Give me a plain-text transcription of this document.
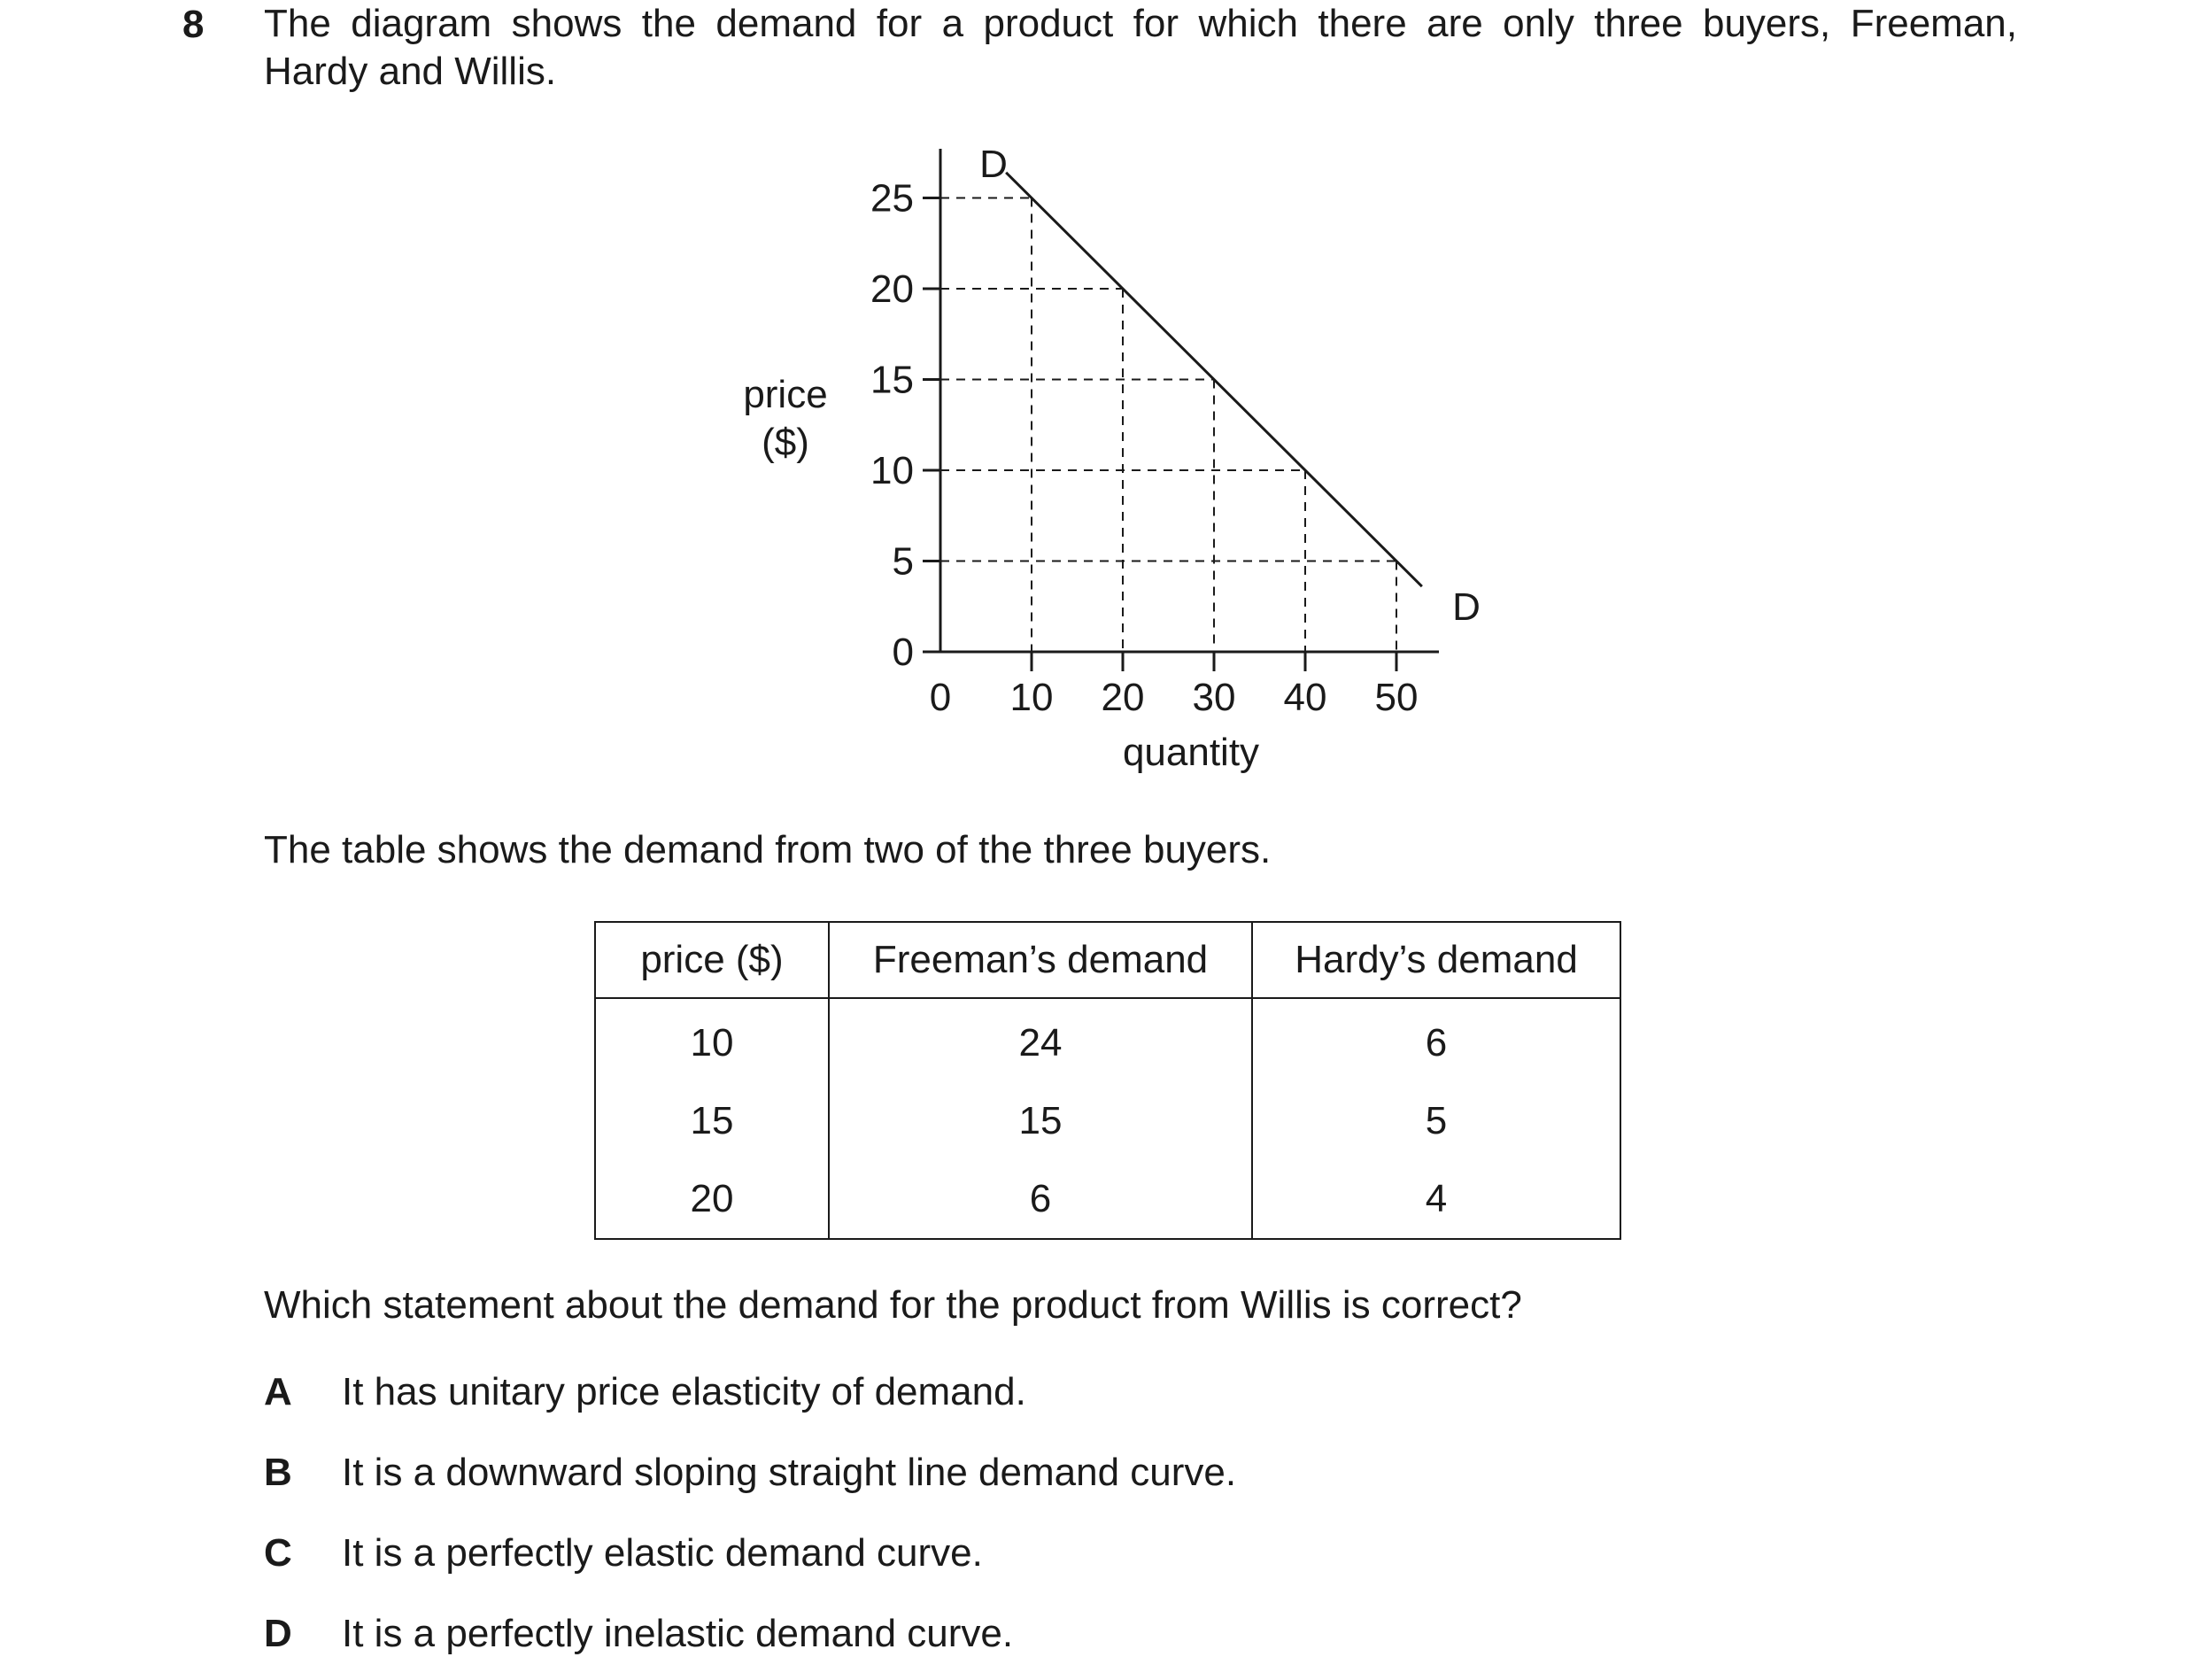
8 The diagram shows the demand for a product for which there are only three buyers, Freeman,
Hardy and Willis.
0
5
10
15
20
25
0 10 20 30 40 50
price
($)
quantity
D
D
The table shows the demand from two of the three buyers.
price ($)	Freeman’s demand	Hardy’s demand
10	24	6
15	15	5
20	6	4
Which statement about the demand for the product from Willis is correct?
A It has unitary price elasticity of demand.
B It is a downward sloping straight line demand curve.
C It is a perfectly elastic demand curve.
D It is a perfectly inelastic demand curve.
